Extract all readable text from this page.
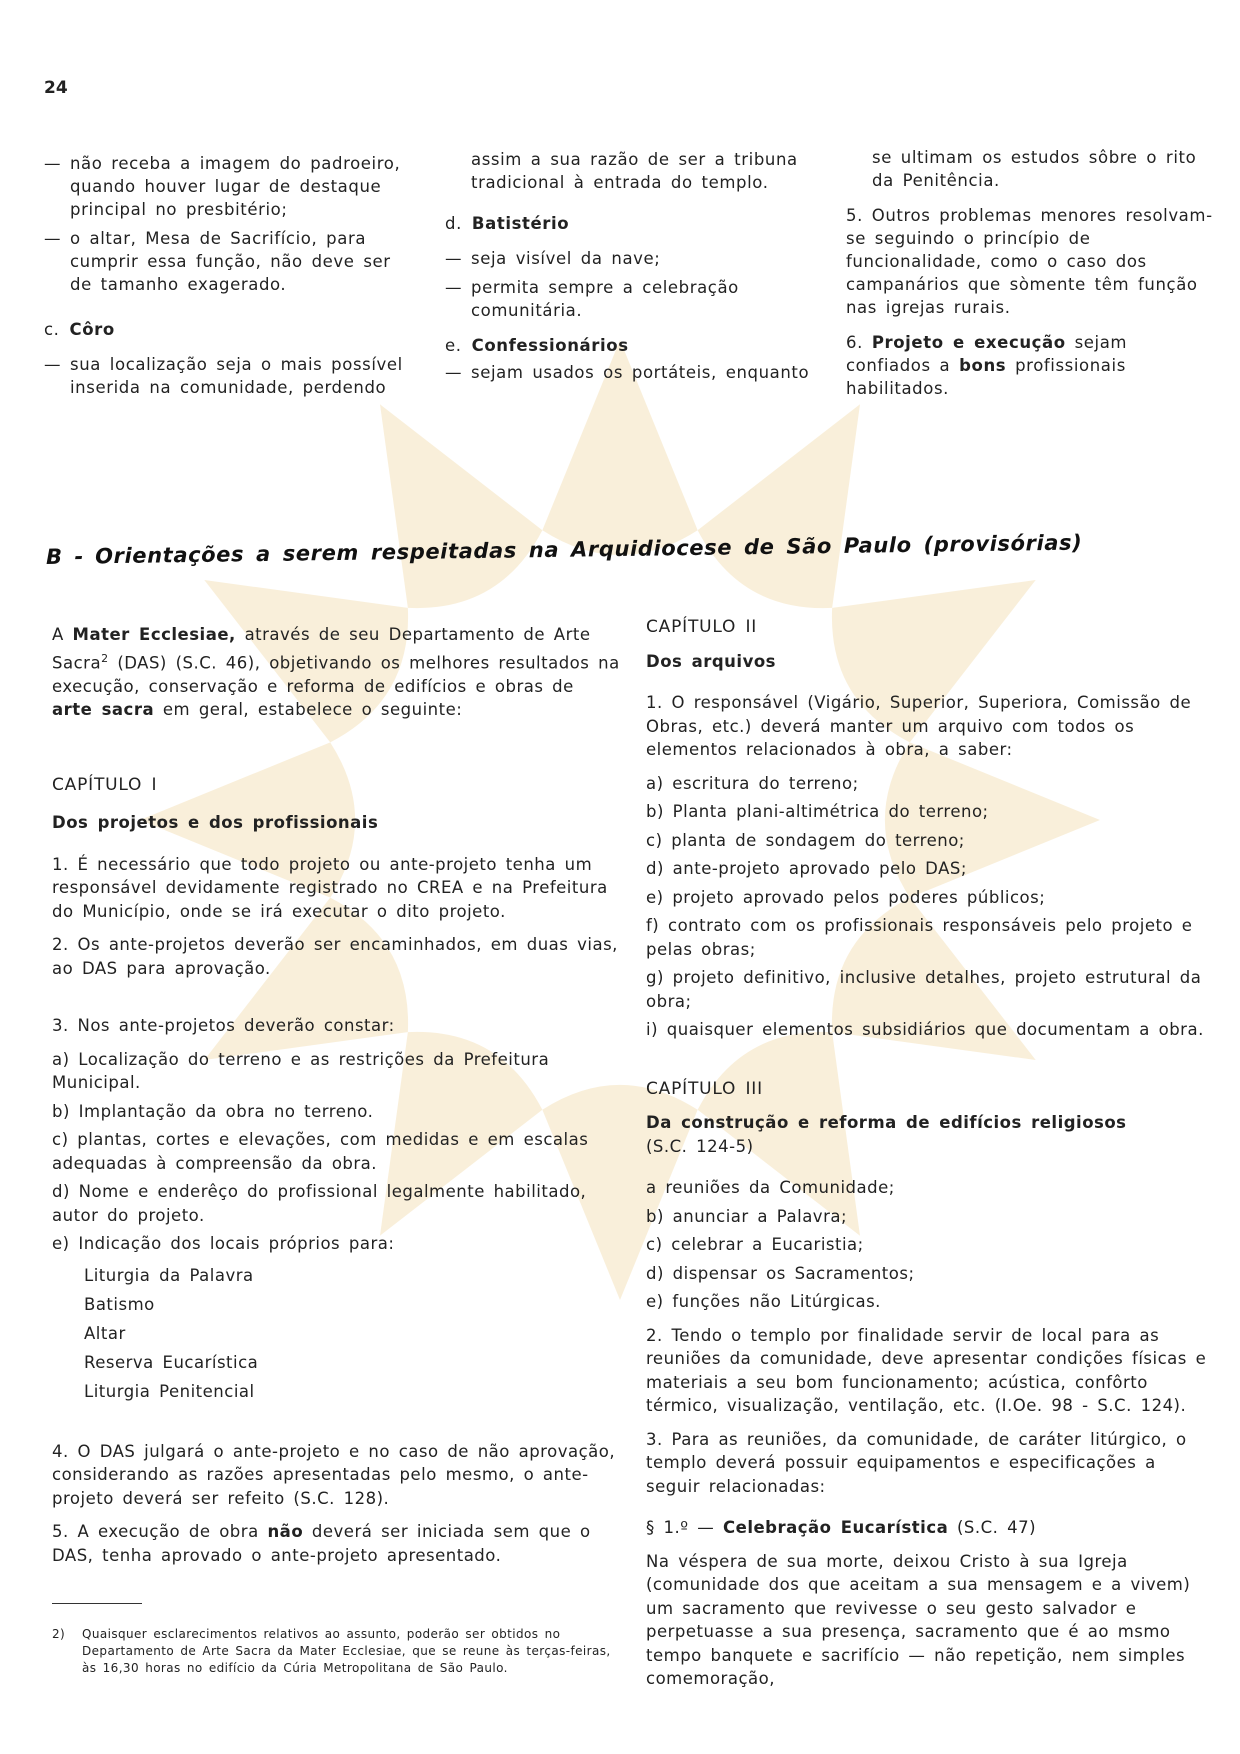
24
— não receba a imagem do padroeiro, quando houver lugar de destaque principal no presbitério;
— o altar, Mesa de Sacrifício, para cumprir essa função, não deve ser de tamanho exagerado.
c. Côro
— sua localização seja o mais possível inserida na comunidade, perdendo
assim a sua razão de ser a tribuna tradicional à entrada do templo.
d. Batistério
— seja visível da nave;
— permita sempre a celebração comunitária.
e. Confessionários
— sejam usados os portáteis, enquanto
se ultimam os estudos sôbre o rito da Penitência.
5. Outros problemas menores resolvam-se seguindo o princípio de funcionalidade, como o caso dos campanários que sòmente têm função nas igrejas rurais.
6. Projeto e execução sejam confiados a bons profissionais habilitados.
B - Orientações a serem respeitadas na Arquidiocese de São Paulo (provisórias)
A Mater Ecclesiae, através de seu Departamento de Arte Sacra$^2$ (DAS) (S.C. 46), objetivando os melhores resultados na execução, conservação e reforma de edifícios e obras de arte sacra em geral, estabelece o seguinte:
CAPÍTULO I
Dos projetos e dos profissionais
1. É necessário que todo projeto ou ante-projeto tenha um responsável devidamente registrado no CREA e na Prefeitura do Município, onde se irá executar o dito projeto.
2. Os ante-projetos deverão ser encaminhados, em duas vias, ao DAS para aprovação.
3. Nos ante-projetos deverão constar:
a) Localização do terreno e as restrições da Prefeitura Municipal.
b) Implantação da obra no terreno.
c) plantas, cortes e elevações, com medidas e em escalas adequadas à compreensão da obra.
d) Nome e enderêço do profissional legalmente habilitado, autor do projeto.
e) Indicação dos locais próprios para:
Liturgia da Palavra
Batismo
Altar
Reserva Eucarística
Liturgia Penitencial
4. O DAS julgará o ante-projeto e no caso de não aprovação, considerando as razões apresentadas pelo mesmo, o ante-projeto deverá ser refeito (S.C. 128).
5. A execução de obra não deverá ser iniciada sem que o DAS, tenha aprovado o ante-projeto apresentado.
2)	Quaisquer esclarecimentos relativos ao assunto, poderão ser obtidos no Departamento de Arte Sacra da Mater Ecclesiae, que se reune às terças-feiras, às 16,30 horas no edifício da Cúria Metropolitana de São Paulo.
CAPÍTULO II
Dos arquivos
1. O responsável (Vigário, Superior, Superiora, Comissão de Obras, etc.) deverá manter um arquivo com todos os elementos relacionados à obra, a saber:
a) escritura do terreno;
b) Planta plani-altimétrica do terreno;
c) planta de sondagem do terreno;
d) ante-projeto aprovado pelo DAS;
e) projeto aprovado pelos poderes públicos;
f) contrato com os profissionais responsáveis pelo projeto e pelas obras;
g) projeto definitivo, inclusive detalhes, projeto estrutural da obra;
i) quaisquer elementos subsidiários que documentam a obra.
CAPÍTULO III
Da construção e reforma de edifícios religiosos
(S.C. 124-5)
a reuniões da Comunidade;
b) anunciar a Palavra;
c) celebrar a Eucaristia;
d) dispensar os Sacramentos;
e) funções não Litúrgicas.
2. Tendo o templo por finalidade servir de local para as reuniões da comunidade, deve apresentar condições físicas e materiais a seu bom funcionamento; acústica, confôrto térmico, visualização, ventilação, etc. (I.Oe. 98 - S.C. 124).
3. Para as reuniões, da comunidade, de caráter litúrgico, o templo deverá possuir equipamentos e especificações a seguir relacionadas:
§ 1.º — Celebração Eucarística (S.C. 47)
Na véspera de sua morte, deixou Cristo à sua Igreja (comunidade dos que aceitam a sua mensagem e a vivem) um sacramento que revivesse o seu gesto salvador e perpetuasse a sua presença, sacramento que é ao msmo tempo banquete e sacrifício — não repetição, nem simples comemoração,
